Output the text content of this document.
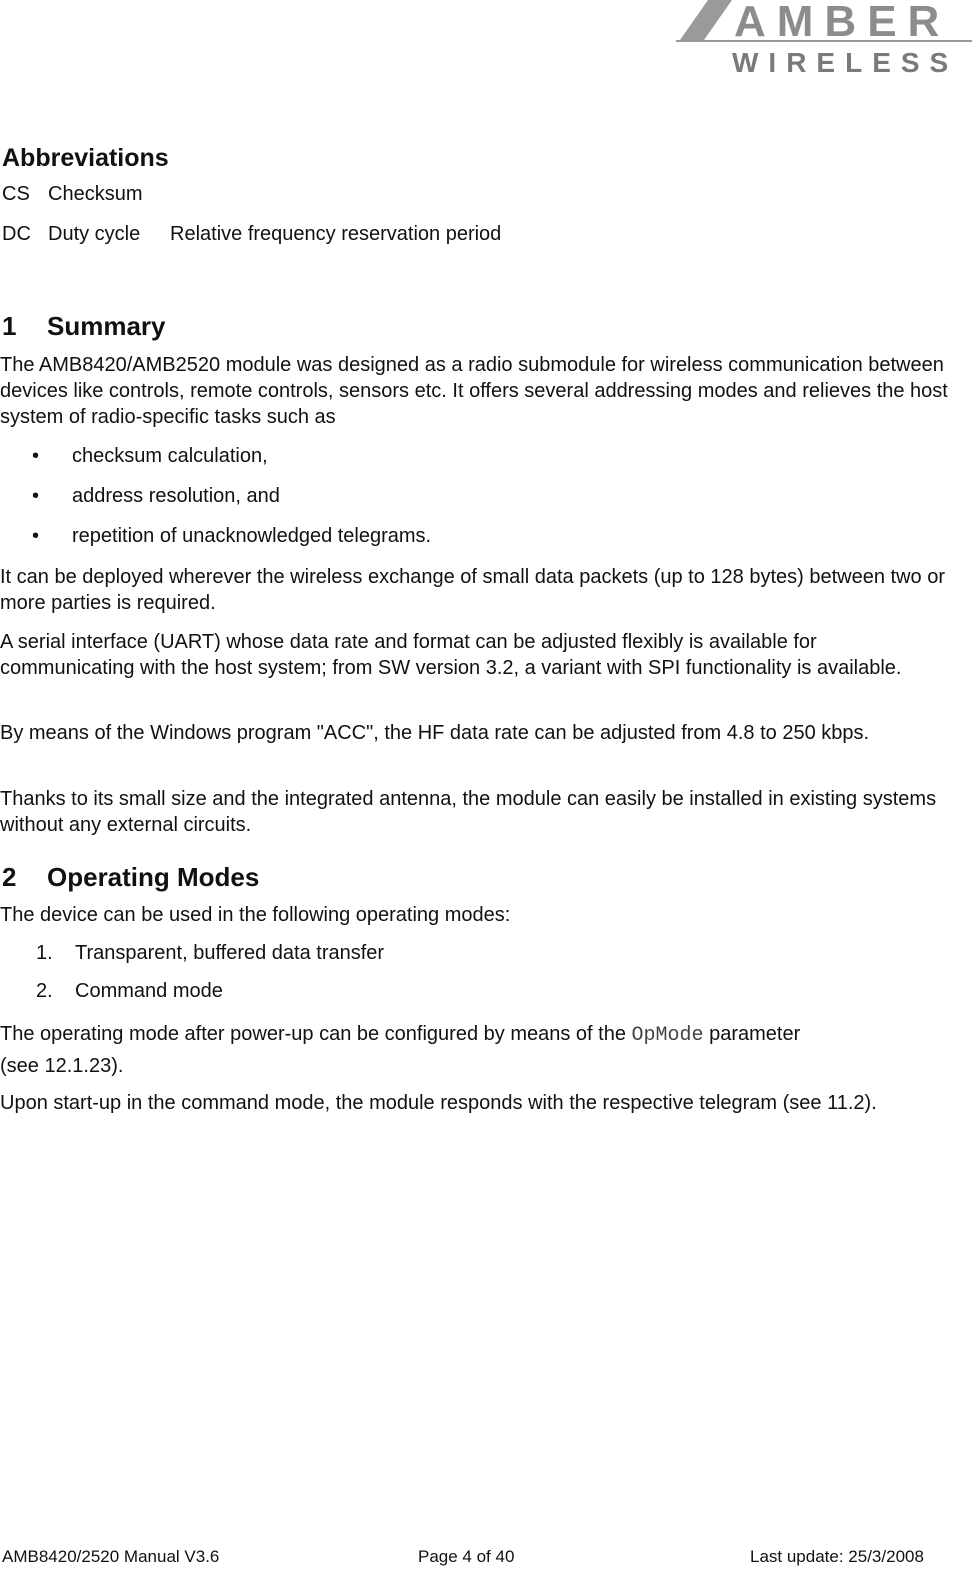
AMBER
WIRELESS
Abbreviations
CS Checksum
DC Duty cycle Relative frequency reservation period
1 Summary

The AMB8420/AMB2520 module was designed as a radio submodule for wireless communication between devices like controls, remote controls, sensors etc. It offers several addressing modes and relieves the host system of radio-specific tasks such as

• checksum calculation,
• address resolution, and
• repetition of unacknowledged telegrams.

It can be deployed wherever the wireless exchange of small data packets (up to 128 bytes) between two or more parties is required.

A serial interface (UART) whose data rate and format can be adjusted flexibly is available for communicating with the host system; from SW version 3.2, a variant with SPI functionality is available.

By means of the Windows program "ACC", the HF data rate can be adjusted from 4.8 to 250 kbps.

Thanks to its small size and the integrated antenna, the module can easily be installed in existing systems without any external circuits.

2 Operating Modes

The device can be used in the following operating modes:

1. Transparent, buffered data transfer
2. Command mode

The operating mode after power-up can be configured by means of the OpMode parameter
(see 12.1.23).

Upon start-up in the command mode, the module responds with the respective telegram (see 11.2).

AMB8420/2520 Manual V3.6	Page 4 of 40	Last update: 25/3/2008
